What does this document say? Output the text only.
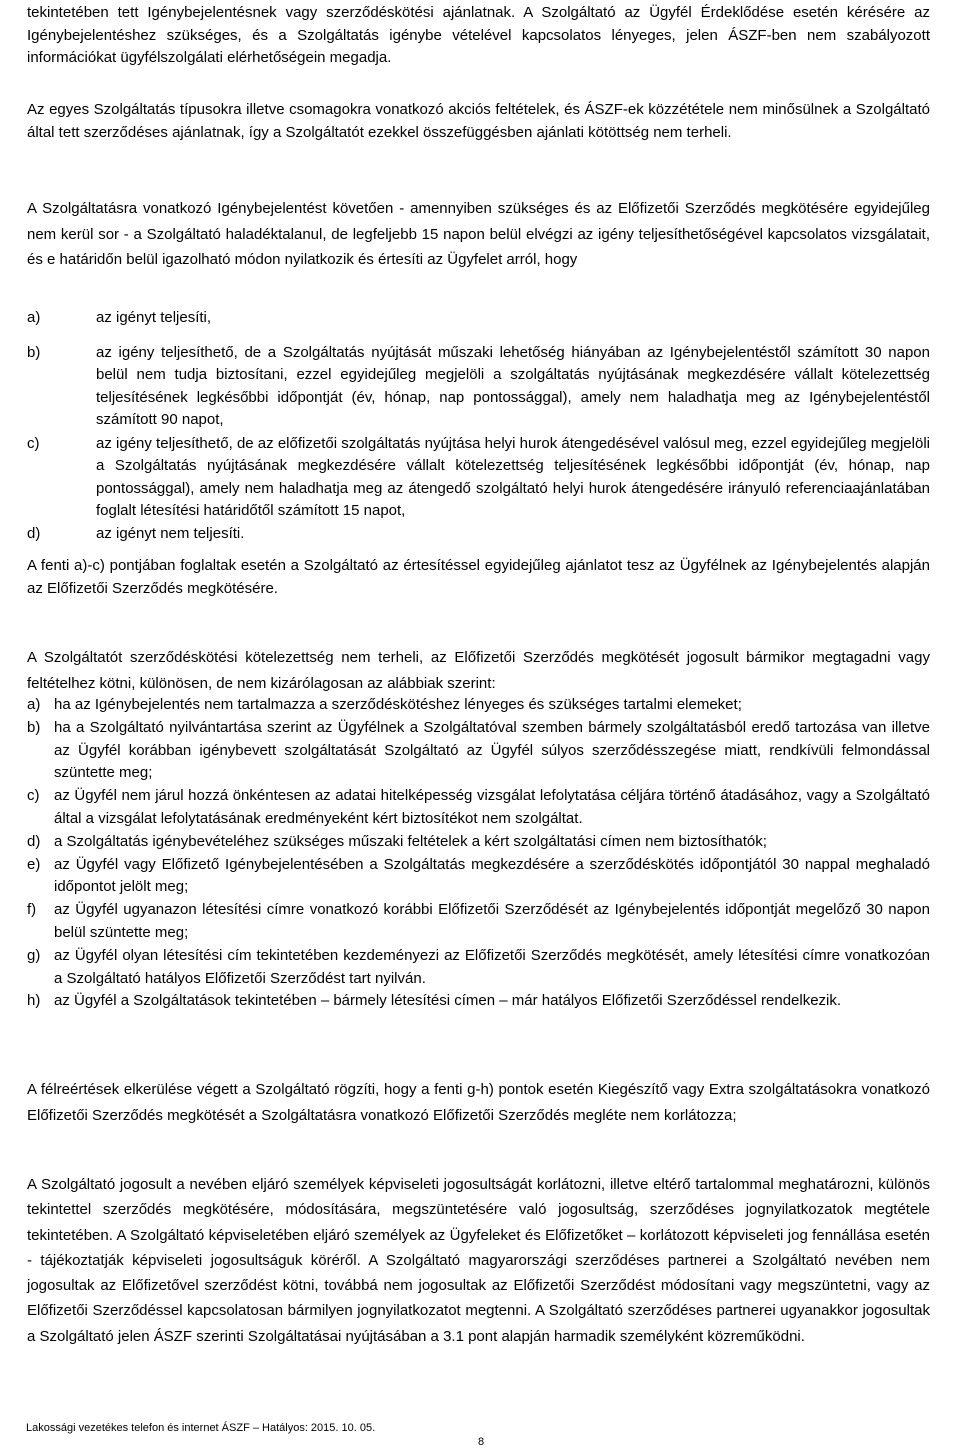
tekintetében tett Igénybejelentésnek vagy szerződéskötési ajánlatnak. A Szolgáltató az Ügyfél Érdeklődése esetén kérésére az Igénybejelentéshez szükséges, és a Szolgáltatás igénybe vételével kapcsolatos lényeges, jelen ÁSZF-ben nem szabályozott információkat ügyfélszolgálati elérhetőségein megadja.

Az egyes Szolgáltatás típusokra illetve csomagokra vonatkozó akciós feltételek, és ÁSZF-ek közzététele nem minősülnek a Szolgáltató által tett szerződéses ajánlatnak, így a Szolgáltatót ezekkel összefüggésben ajánlati kötöttség nem terheli.

A Szolgáltatásra vonatkozó Igénybejelentést követően - amennyiben szükséges és az Előfizetői Szerződés megkötésére egyidejűleg nem kerül sor - a Szolgáltató haladéktalanul, de legfeljebb 15 napon belül elvégzi az igény teljesíthetőségével kapcsolatos vizsgálatait, és e határidőn belül igazolható módon nyilatkozik és értesíti az Ügyfelet arról, hogy

a)	az igényt teljesíti,
b)	az igény teljesíthető, de a Szolgáltatás nyújtását műszaki lehetőség hiányában az Igénybejelentéstől számított 30 napon belül nem tudja biztosítani, ezzel egyidejűleg megjelöli a szolgáltatás nyújtásának megkezdésére vállalt kötelezettség teljesítésének legkésőbbi időpontját (év, hónap, nap pontossággal), amely nem haladhatja meg az Igénybejelentéstől számított 90 napot,
c)	az igény teljesíthető, de az előfizetői szolgáltatás nyújtása helyi hurok átengedésével valósul meg, ezzel egyidejűleg megjelöli a Szolgáltatás nyújtásának megkezdésére vállalt kötelezettség teljesítésének legkésőbbi időpontját (év, hónap, nap pontossággal), amely nem haladhatja meg az átengedő szolgáltató helyi hurok átengedésére irányuló referenciaajánlatában foglalt létesítési határidőtől számított 15 napot,
d)	az igényt nem teljesíti.

A fenti a)-c) pontjában foglaltak esetén a Szolgáltató az értesítéssel egyidejűleg ajánlatot tesz az Ügyfélnek az Igénybejelentés alapján az Előfizetői Szerződés megkötésére.

A Szolgáltatót szerződéskötési kötelezettség nem terheli, az Előfizetői Szerződés megkötését jogosult bármikor megtagadni vagy feltételhez kötni, különösen, de nem kizárólagosan az alábbiak szerint:

a) ha az Igénybejelentés nem tartalmazza a szerződéskötéshez lényeges és szükséges tartalmi elemeket;
b) ha a Szolgáltató nyilvántartása szerint az Ügyfélnek a Szolgáltatóval szemben bármely szolgáltatásból eredő tartozása van illetve az Ügyfél korábban igénybevett szolgáltatását Szolgáltató az Ügyfél súlyos szerződésszegése miatt, rendkívüli felmondással szüntette meg;
c) az Ügyfél nem járul hozzá önkéntesen az adatai hitelképesség vizsgálat lefolytatása céljára történő átadásához, vagy a Szolgáltató által a vizsgálat lefolytatásának eredményeként kért biztosítékot nem szolgáltat.
d) a Szolgáltatás igénybevételéhez szükséges műszaki feltételek a kért szolgáltatási címen nem biztosíthatók;
e) az Ügyfél vagy Előfizető Igénybejelentésében a Szolgáltatás megkezdésére a szerződéskötés időpontjától 30 nappal meghaladó időpontot jelölt meg;
f)	az Ügyfél ugyanazon létesítési címre vonatkozó korábbi Előfizetői Szerződését az Igénybejelentés időpontját megelőző 30 napon belül szüntette meg;
g) az Ügyfél olyan létesítési cím tekintetében kezdeményezi az Előfizetői Szerződés megkötését, amely létesítési címre vonatkozóan a Szolgáltató hatályos Előfizetői Szerződést tart nyilván.
h) az Ügyfél a Szolgáltatások tekintetében – bármely létesítési címen – már hatályos Előfizetői Szerződéssel rendelkezik.

A félreértések elkerülése végett a Szolgáltató rögzíti, hogy a fenti g-h) pontok esetén Kiegészítő vagy Extra szolgáltatásokra vonatkozó Előfizetői Szerződés megkötését a Szolgáltatásra vonatkozó Előfizetői Szerződés megléte nem korlátozza;

A Szolgáltató jogosult a nevében eljáró személyek képviseleti jogosultságát korlátozni, illetve eltérő tartalommal meghatározni, különös tekintettel szerződés megkötésére, módosítására, megszüntetésére való jogosultság, szerződéses jognyilatkozatok megtétele tekintetében. A Szolgáltató képviseletében eljáró személyek az Ügyfeleket és Előfizetőket – korlátozott képviseleti jog fennállása esetén - tájékoztatják képviseleti jogosultságuk köréről. A Szolgáltató magyarországi szerződéses partnerei a Szolgáltató nevében nem jogosultak az Előfizetővel szerződést kötni, továbbá nem jogosultak az Előfizetői Szerződést módosítani vagy megszüntetni, vagy az Előfizetői Szerződéssel kapcsolatosan bármilyen jognyilatkozatot megtenni. A Szolgáltató szerződéses partnerei ugyanakkor jogosultak a Szolgáltató jelen ÁSZF szerinti Szolgáltatásai nyújtásában a 3.1 pont alapján harmadik személyként közreműködni.

Lakossági vezetékes telefon és internet ÁSZF – Hatályos: 2015. 10. 05.
8
